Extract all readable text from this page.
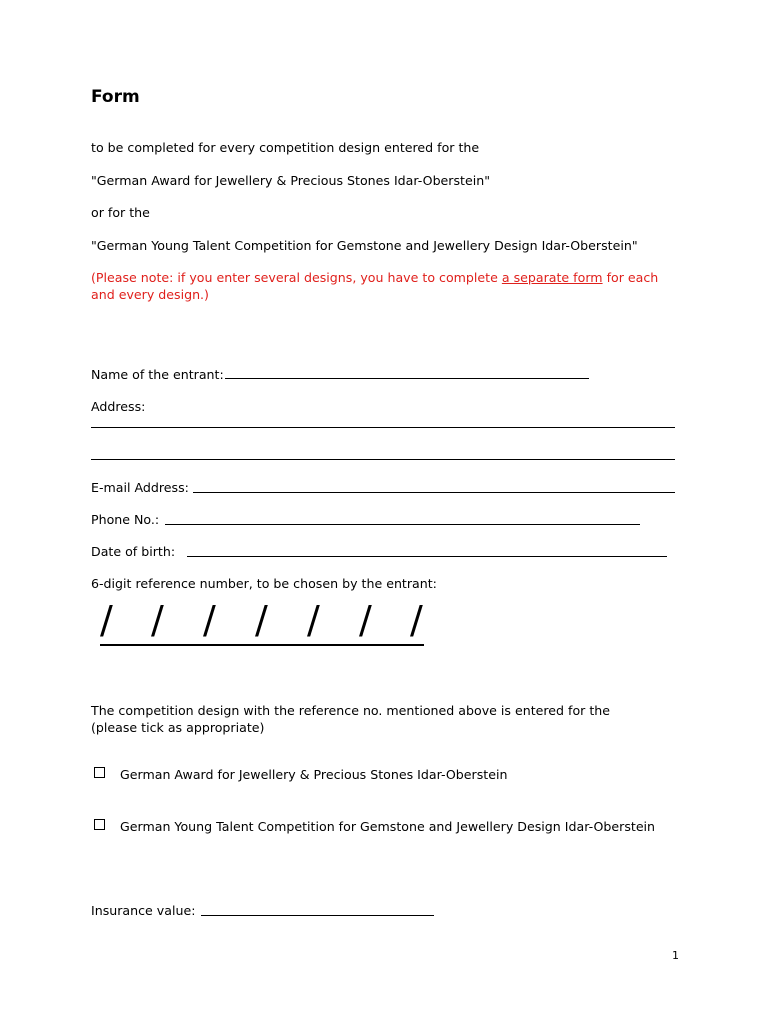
Form
to be completed for every competition design entered for the
"German Award for Jewellery & Precious Stones Idar-Oberstein"
or for the
"German Young Talent Competition for Gemstone and Jewellery Design Idar-Oberstein"
(Please note: if you enter several designs, you have to complete a separate form for each and every design.)
Name of the entrant:
Address:
E-mail Address:
Phone No.:
Date of birth:
6-digit reference number, to be chosen by the entrant:
/ / / / / / /
The competition design with the reference no. mentioned above is entered for the
(please tick as appropriate)
German Award for Jewellery & Precious Stones Idar-Oberstein
German Young Talent Competition for Gemstone and Jewellery Design Idar-Oberstein
Insurance value:
1
